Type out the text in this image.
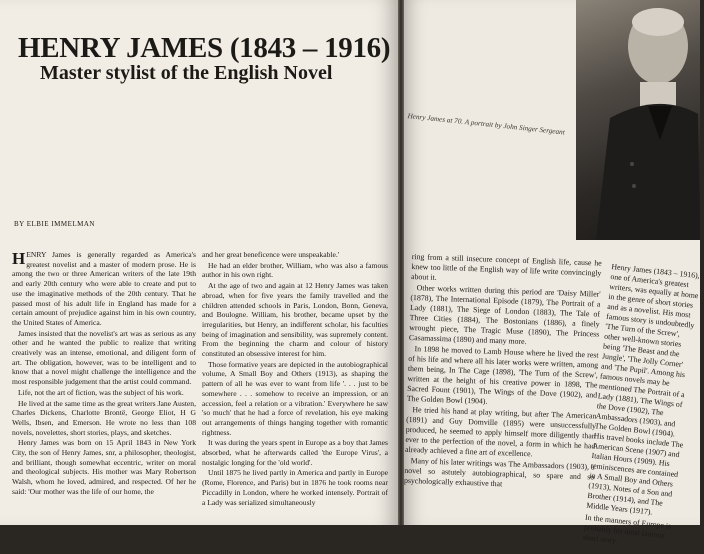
HENRY JAMES (1843 – 1916)
Master stylist of the English Novel
BY ELBIE IMMELMAN

HENRY James is generally regarded as America's greatest novelist and a master of modern prose. He is among the two or three American writers of the late 19th and early 20th century who were able to create and put to use the imaginative methods of the 20th century. That he passed most of his adult life in England has made for a certain amount of prejudice against him in his own country, the United States of America.

James insisted that the novelist's art was as serious as any other and he wanted the public to realize that writing creatively was an intense, emotional, and diligent form of art. The obligation, however, was to be intelligent and to know that a novel might challenge the intelligence and the most responsible judgement that the artist could command.

Life, not the art of fiction, was the subject of his work.

He lived at the same time as the great writers Jane Austen, Charles Dickens, Charlotte Brontë, George Eliot, H G Wells, Ibsen, and Emerson. He wrote no less than 108 novels, novelettes, short stories, plays, and sketches.

Henry James was born on 15 April 1843 in New York City, the son of Henry James, snr, a philosopher, theologist, and brilliant, though somewhat eccentric, writer on moral and theological subjects. His mother was Mary Robertson Walsh, whom he loved, admired, and respected. Of her he said: 'Our mother was the life of our home, the

and her great beneficence were unspeakable.'

He had an elder brother, William, who was also a famous author in his own right.

At the age of two and again at 12 Henry James was taken abroad, when for five years the family travelled and the children attended schools in Paris, London, Bonn, Geneva, and Boulogne. William, his brother, became upset by the irregularities, but Henry, an indifferent scholar, his faculties being of imagination and sensibility, was supremely content. From the beginning the charm and colour of history constituted an obsessive interest for him.

Those formative years are depicted in the autobiographical volume, A Small Boy and Others (1913), as shaping the pattern of all he was ever to want from life '. . . just to be somewhere . . . somehow to receive an impression, or an accession, feel a relation or a vibration.' Everywhere he saw 'so much' that he had a force of revelation, his eye making out arrangements of things hanging together with romantic rightness.

It was during the years spent in Europe as a boy that James absorbed, what he afterwards called 'the Europe Virus', a nostalgic longing for the 'old world'.

Until 1875 he lived partly in America and partly in Europe (Rome, Florence, and Paris) but in 1876 he took rooms near Piccadilly in London, where he worked intensely. Portrait of a Lady was serialized simultaneously

Henry James at 70. A portrait by John Singer Sergeant

ring from a still insecure concept of English life, cause he knew too little of the English way of life write convincingly about it.

Other works written during this period are 'Daisy Miller' (1878), The International Episode (1879), The Portrait of a Lady (1881), The Siege of London (1883), The Tale of Three Cities (1884), The Bostonians (1886), a finely wrought piece, The Tragic Muse (1890), The Princess Casamassima (1890) and many more.

In 1898 he moved to Lamb House where he lived the rest of his life and where all his later works were written, among them being, In The Cage (1898), 'The Turn of the Screw', written at the height of his creative power in 1898, The Sacred Fount (1901), The Wings of the Dove (1902), and The Golden Bowl (1904).

He tried his hand at play writing, but after The American (1891) and Guy Domville (1895) were unsuccessfully produced, he seemed to apply himself more diligently than ever to the perfection of the novel, a form in which he had already achieved a fine art of excellence.

Many of his later writings was The Ambassadors (1903), a novel so astutely autobiographical, so spare and so psychologically exhaustive that

Henry James (1843 – 1916), one of America's greatest writers, was equally at home in the genre of short stories and as a novelist. His most famous story is undoubtedly 'The Turn of the Screw', other well-known stories being 'The Beast and the Jungle', 'The Jolly Corner' and 'The Pupil'. Among his famous novels may be mentioned The Portrait of a Lady (1881), The Wings of the Dove (1902), The Ambassadors (1903), and The Golden Bowl (1904). His travel books include The American Scene (1907) and Italian Hours (1909). His reminiscences are contained in A Small Boy and Others (1913), Notes of a Son and Brother (1914), and The Middle Years (1917).

In the manners of Europe is probably his most famous short story.
